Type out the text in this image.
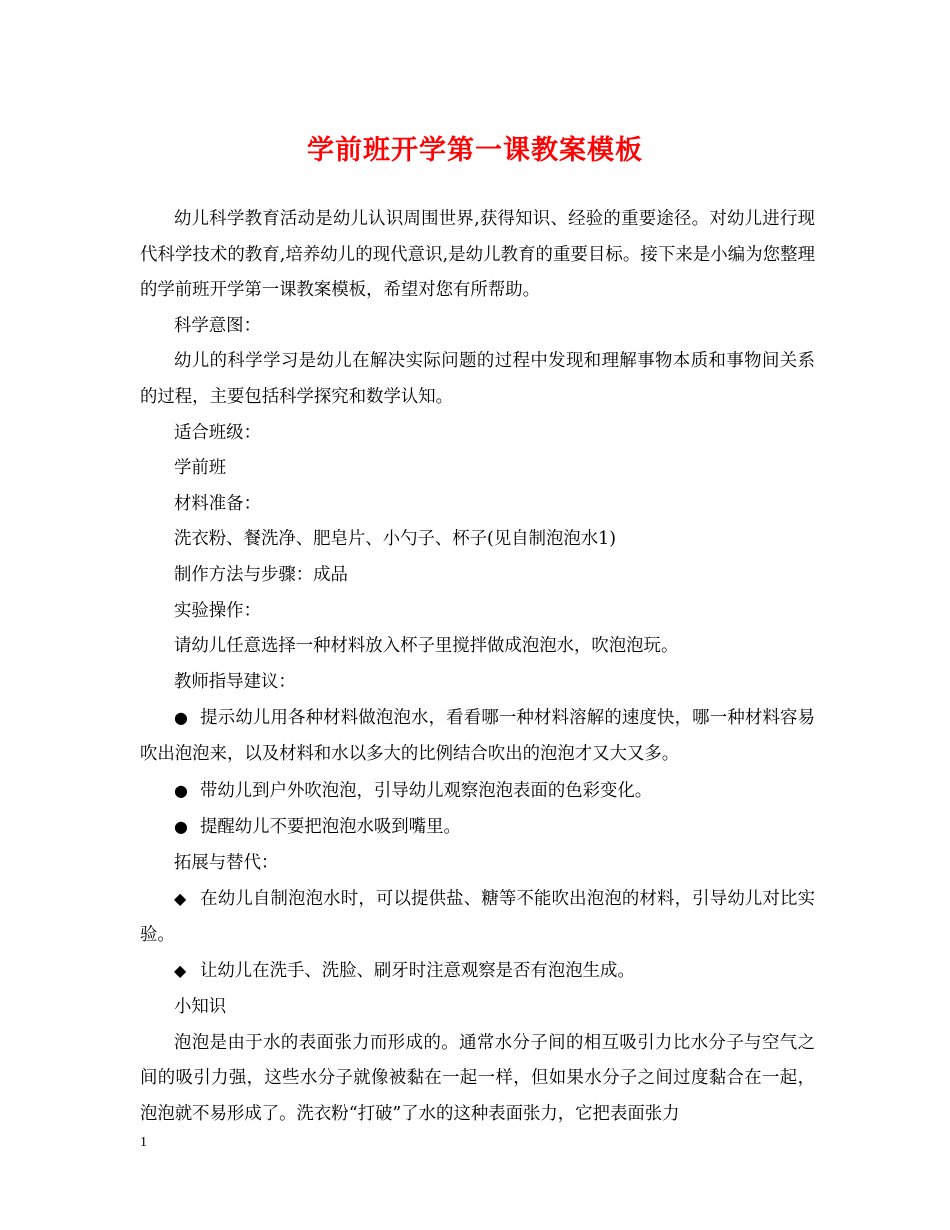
学前班开学第一课教案模板

幼儿科学教育活动是幼儿认识周围世界,获得知识、经验的重要途径。对幼儿进行现代科学技术的教育,培养幼儿的现代意识,是幼儿教育的重要目标。接下来是小编为您整理的学前班开学第一课教案模板，希望对您有所帮助。

科学意图：

幼儿的科学学习是幼儿在解决实际问题的过程中发现和理解事物本质和事物间关系的过程，主要包括科学探究和数学认知。

适合班级：

学前班

材料准备：

洗衣粉、餐洗净、肥皂片、小勺子、杯子(见自制泡泡水1)

制作方法与步骤：成品

实验操作：

请幼儿任意选择一种材料放入杯子里搅拌做成泡泡水，吹泡泡玩。

教师指导建议：

● 提示幼儿用各种材料做泡泡水，看看哪一种材料溶解的速度快，哪一种材料容易吹出泡泡来，以及材料和水以多大的比例结合吹出的泡泡才又大又多。

● 带幼儿到户外吹泡泡，引导幼儿观察泡泡表面的色彩变化。

● 提醒幼儿不要把泡泡水吸到嘴里。

拓展与替代：

◆ 在幼儿自制泡泡水时，可以提供盐、糖等不能吹出泡泡的材料，引导幼儿对比实验。

◆ 让幼儿在洗手、洗脸、刷牙时注意观察是否有泡泡生成。

小知识

泡泡是由于水的表面张力而形成的。通常水分子间的相互吸引力比水分子与空气之间的吸引力强，这些水分子就像被黏在一起一样，但如果水分子之间过度黏合在一起，泡泡就不易形成了。洗衣粉“打破”了水的这种表面张力，它把表面张力

1
